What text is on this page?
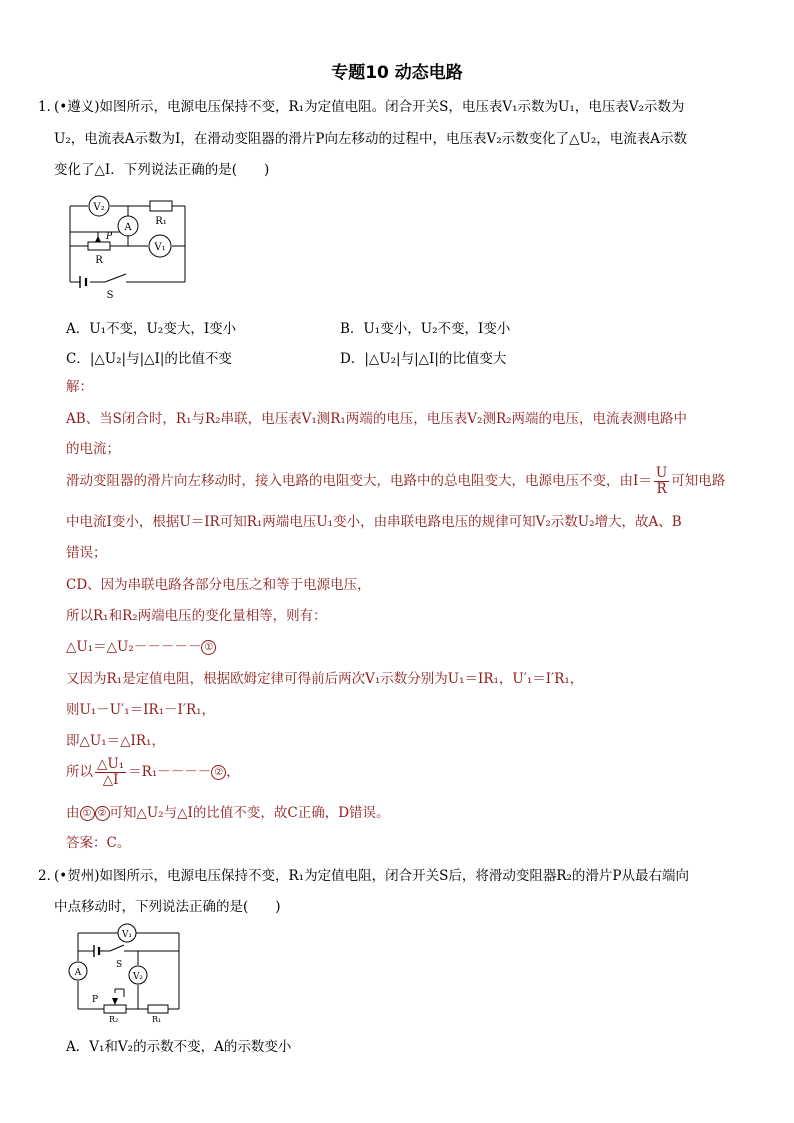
专题10 动态电路
1．
(•遵义)如图所示，电源电压保持不变，R₁为定值电阻。闭合开关S，电压表V₁示数为U₁，电压表V₂示数为
U₂，电流表A示数为I，在滑动变阻器的滑片P向左移动的过程中，电压表V₂示数变化了△U₂，电流表A示数
变化了△I．下列说法正确的是(　　)
V₂
A
V₁
R₁
P
R
S
A．U₁不变，U₂变大，I变小	B．U₁变小，U₂不变，I变小
C．|△U₂|与|△I|的比值不变	D．|△U₂|与|△I|的比值变大
解：
AB、当S闭合时，R₁与R₂串联，电压表V₁测R₁两端的电压，电压表V₂测R₂两端的电压，电流表测电路中
的电流；
滑动变阻器的滑片向左移动时，接入电路的电阻变大，电路中的总电阻变大，电源电压不变，由$I= \frac{U}{R}$ 可知电路
中电流I变小，根据U＝IR可知R₁两端电压U₁变小，由串联电路电压的规律可知V₂示数U₂增大，故A、B
错误；
CD、因为串联电路各部分电压之和等于电源电压，
所以R₁和R₂两端电压的变化量相等，则有：
△U₁＝△U₂－－－－－ ①
又因为R₁是定值电阻，根据欧姆定律可得前后两次V₁示数分别为U₁＝IR₁，U′₁＝I′R₁，
则U₁－U′₁＝IR₁－I′R₁，
即△U₁＝△IR₁，
所以 $\frac{\text{△U₁}}{\triangle I} =R_1----$ ② ，
由 ① ② 可知△U₂与△I的比值不变，故C正确，D错误。
答案：C。
2．
(•贺州)如图所示，电源电压保持不变，R₁为定值电阻，闭合开关S后，将滑动变阻器R₂的滑片P从最右端向
中点移动时，下列说法正确的是(　　)
V₁
A	V₂
S
P
R₂	R₁
A．V₁和V₂的示数不变，A的示数变小
